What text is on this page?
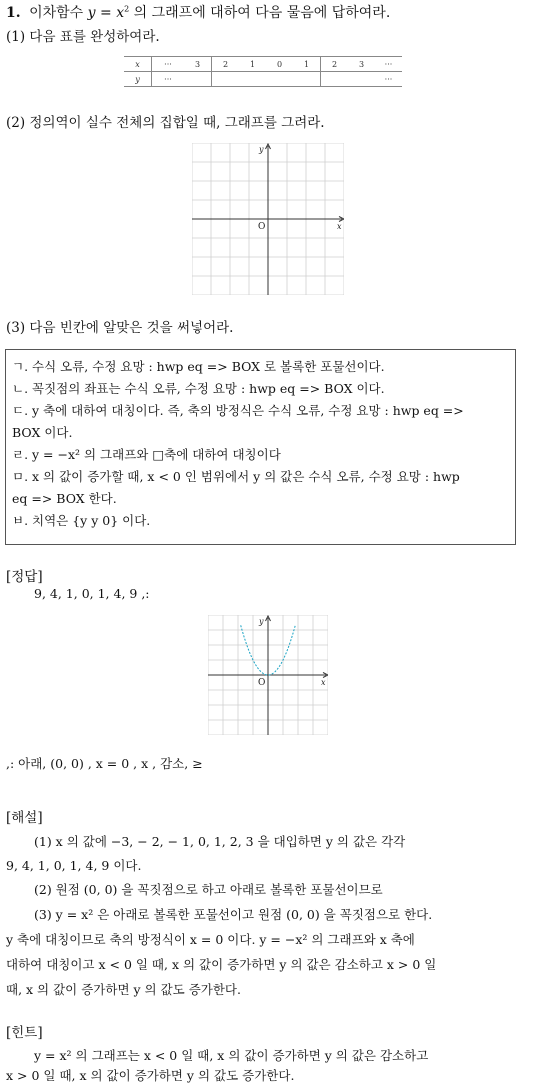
1. 이차함수 $y = x^2$ 의 그래프에 대하여 다음 물음에 답하여라.
(1) 다음 표를 완성하여라.
x	···	3	2	1	0	1	2	3	···
y	···								···
(2) 정의역이 실수 전체의 집합일 때, 그래프를 그려라.
y
x
O
(3) 다음 빈칸에 알맞은 것을 써넣어라.
ㄱ. 수식 오류, 수정 요망 : hwp eq => BOX 로 볼록한 포물선이다.
ㄴ. 꼭짓점의 좌표는 수식 오류, 수정 요망 : hwp eq => BOX 이다.
ㄷ. y 축에 대하여 대칭이다. 즉, 축의 방정식은 수식 오류, 수정 요망 : hwp eq =>
BOX 이다.
ㄹ. y = −x² 의 그래프와 □축에 대하여 대칭이다
ㅁ. x 의 값이 증가할 때, x < 0 인 범위에서 y 의 값은 수식 오류, 수정 요망 : hwp
eq => BOX 한다.
ㅂ. 치역은 {y y 0} 이다.
[정답]
9, 4, 1, 0, 1, 4, 9 ,:
y
x
O
,: 아래, (0, 0) , x = 0 , x , 감소, ≥
[해설]
(1) x 의 값에 −3, − 2, − 1, 0, 1, 2, 3 을 대입하면 y 의 값은 각각
9, 4, 1, 0, 1, 4, 9 이다.
(2) 원점 (0, 0) 을 꼭짓점으로 하고 아래로 볼록한 포물선이므로
(3) y = x² 은 아래로 볼록한 포물선이고 원점 (0, 0) 을 꼭짓점으로 한다.
y 축에 대칭이므로 축의 방정식이 x = 0 이다. y = −x² 의 그래프와 x 축에
대하여 대칭이고 x < 0 일 때, x 의 값이 증가하면 y 의 값은 감소하고 x > 0 일
때, x 의 값이 증가하면 y 의 값도 증가한다.
[힌트]
y = x² 의 그래프는 x < 0 일 때, x 의 값이 증가하면 y 의 값은 감소하고
x > 0 일 때, x 의 값이 증가하면 y 의 값도 증가한다.
